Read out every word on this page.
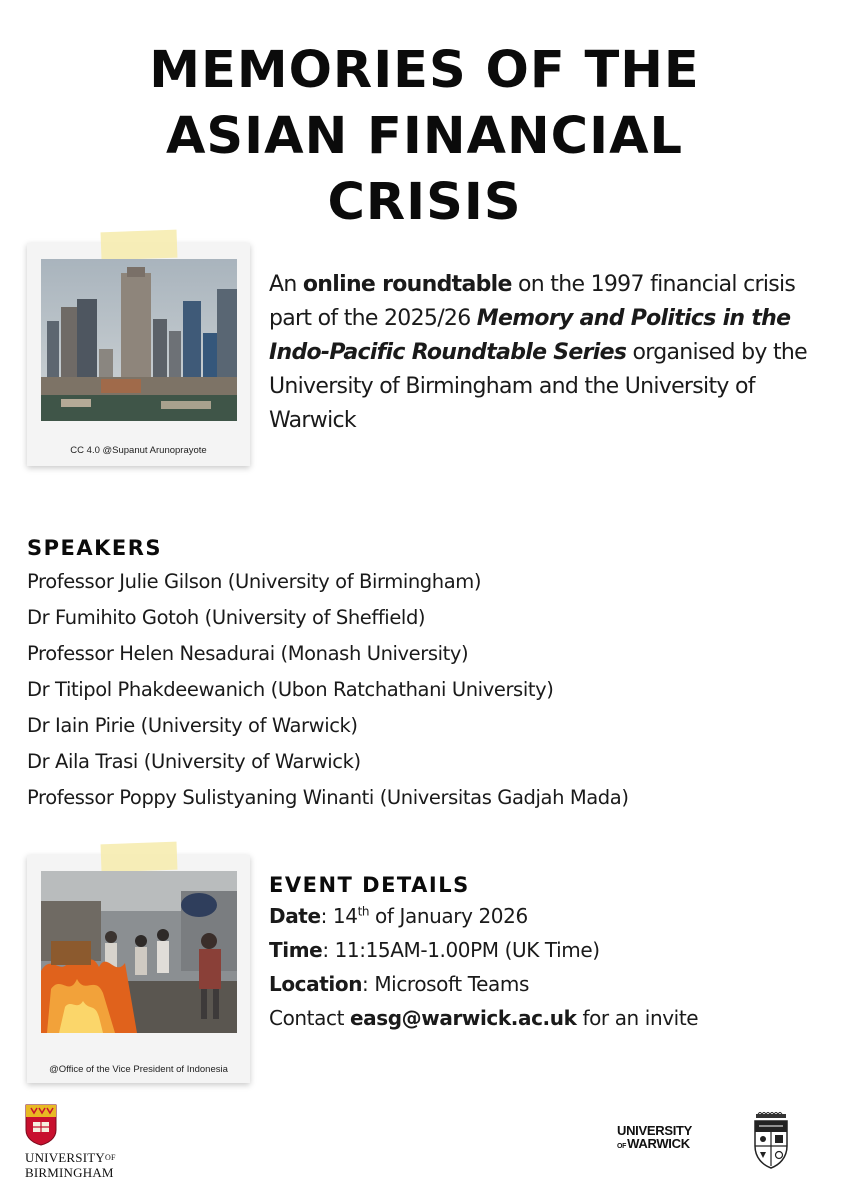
MEMORIES OF THE
ASIAN FINANCIAL
CRISIS
CC 4.0 @Supanut Arunoprayote

An online roundtable on the 1997 financial crisis part of the 2025/26 Memory and Politics in the Indo-Pacific Roundtable Series organised by the University of Birmingham and the University of Warwick

SPEAKERS
Professor Julie Gilson (University of Birmingham)
Dr Fumihito Gotoh (University of Sheffield)
Professor Helen Nesadurai (Monash University)
Dr Titipol Phakdeewanich (Ubon Ratchathani University)
Dr Iain Pirie (University of Warwick)
Dr Aila Trasi (University of Warwick)
Professor Poppy Sulistyaning Winanti (Universitas Gadjah Mada)
@Office of the Vice President of Indonesia
EVENT DETAILS
Date: 14th of January 2026
Time: 11:15AM-1.00PM (UK Time)
Location: Microsoft Teams
Contact easg@warwick.ac.uk for an invite
$UNIVERSITY^{OF}$
BIRMINGHAM
UNIVERSITY
OFWARWICK
